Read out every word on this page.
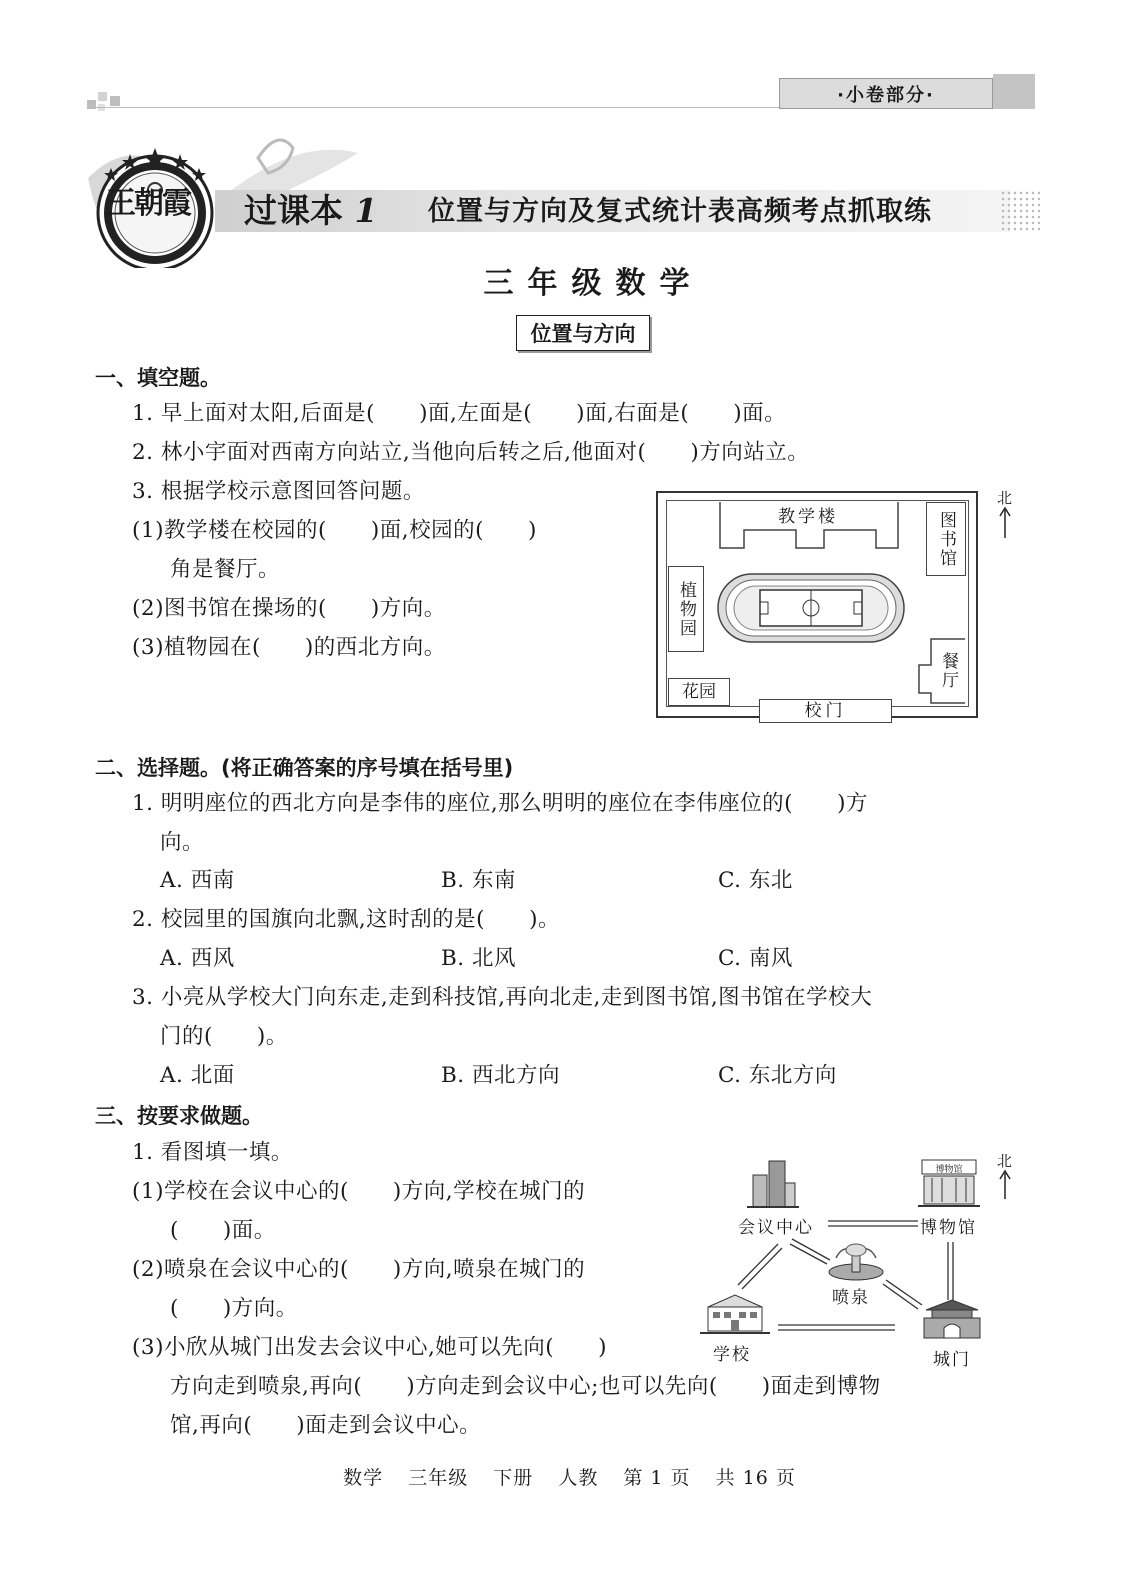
·小卷部分·
王朝霞 过课本 1 位置与方向及复式统计表高频考点抓取练
三年级数学
位置与方向
一、填空题。
1. 早上面对太阳,后面是(　　)面,左面是(　　)面,右面是(　　)面。
2. 林小宇面对西南方向站立,当他向后转之后,他面对(　　)方向站立。
3. 根据学校示意图回答问题。
(1)教学楼在校园的(　　)面,校园的(　　)
角是餐厅。
(2)图书馆在操场的(　　)方向。
(3)植物园在(　　)的西北方向。
北
教学楼	图书馆
植物园
餐厅
花园
校门
二、选择题。(将正确答案的序号填在括号里)
1. 明明座位的西北方向是李伟的座位,那么明明的座位在李伟座位的(　　)方
向。
A. 西南	B. 东南	C. 东北
2. 校园里的国旗向北飘,这时刮的是(　　)。
A. 西风	B. 北风	C. 南风
3. 小亮从学校大门向东走,走到科技馆,再向北走,走到图书馆,图书馆在学校大
门的(　　)。
A. 北面	B. 西北方向	C. 东北方向
三、按要求做题。
1. 看图填一填。
(1)学校在会议中心的(　　)方向,学校在城门的
(　　)面。
(2)喷泉在会议中心的(　　)方向,喷泉在城门的
(　　)方向。
(3)小欣从城门出发去会议中心,她可以先向(　　)
方向走到喷泉,再向(　　)方向走到会议中心;也可以先向(　　)面走到博物
馆,再向(　　)面走到会议中心。
北
会议中心
博物馆
博物馆
喷泉
学校	城门
数学 三年级 下册 人教 第 1 页 共 16 页
